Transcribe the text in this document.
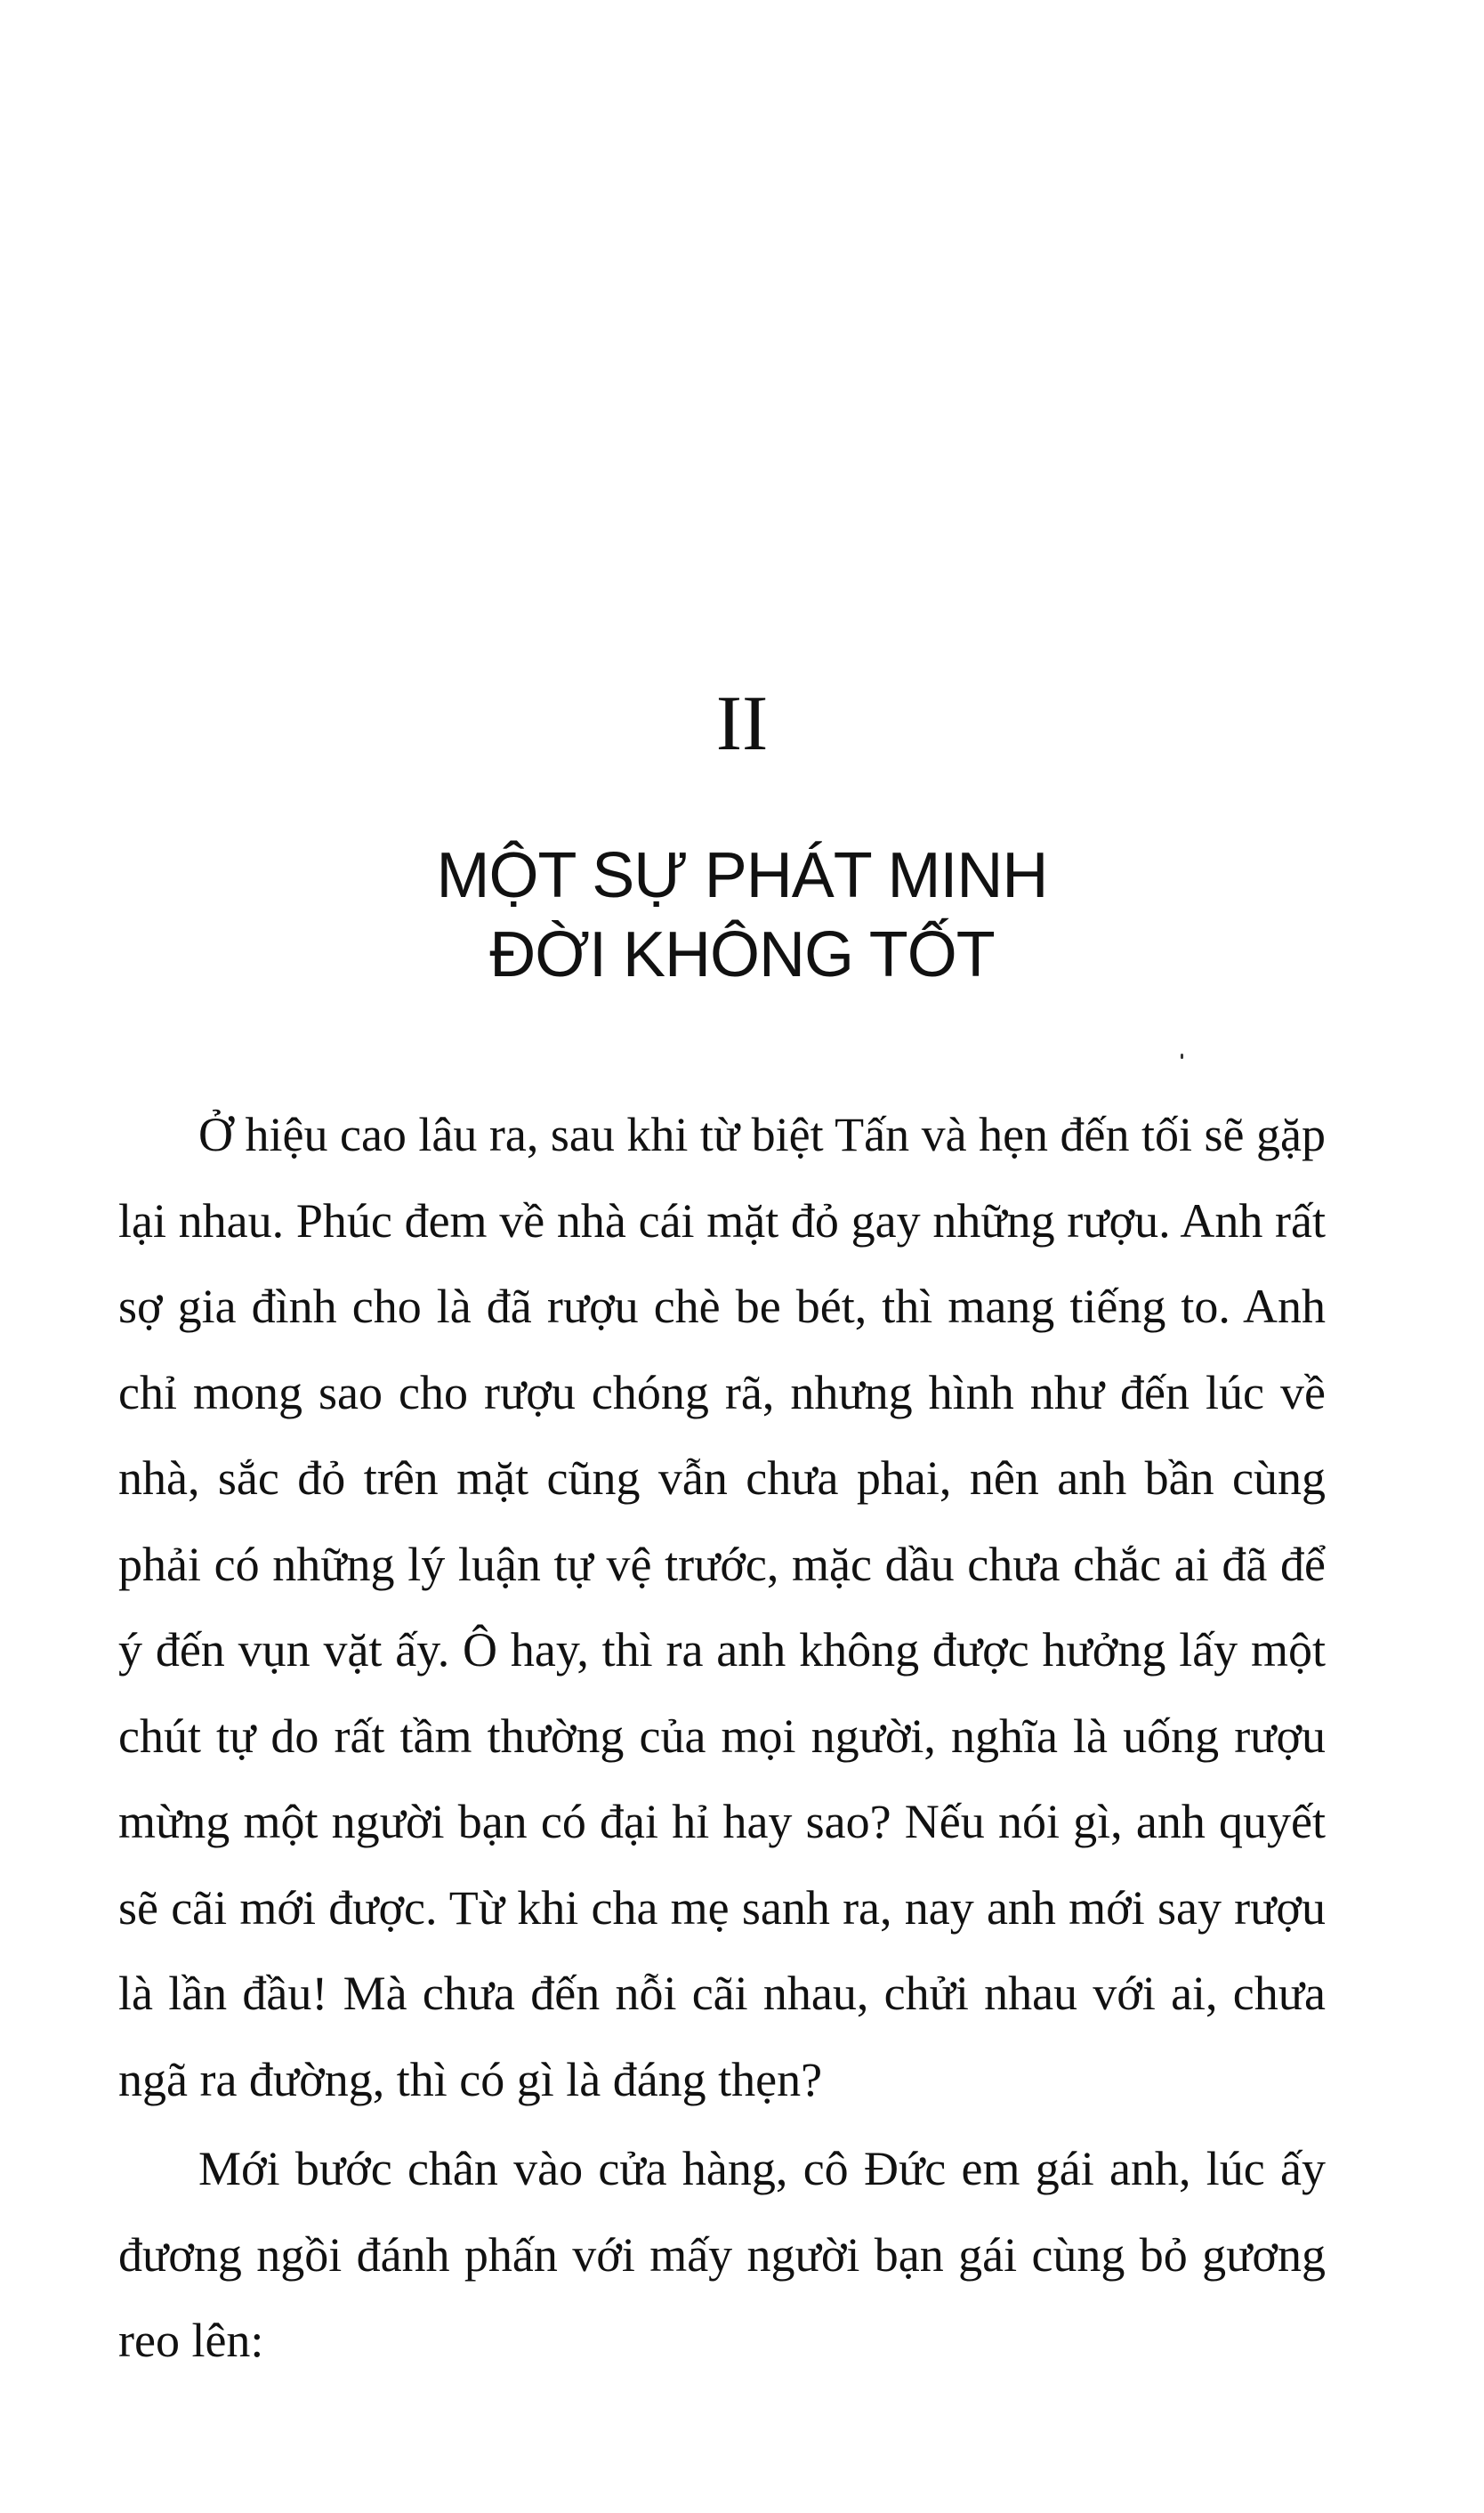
II
MỘT SỰ PHÁT MINH
ĐỜI KHÔNG TỐT

Ở hiệu cao lâu ra, sau khi từ biệt Tấn và hẹn đến tối sẽ gặp lại nhau. Phúc đem về nhà cái mặt đỏ gay những rượu. Anh rất sợ gia đình cho là đã rượu chè be bét, thì mang tiếng to. Anh chỉ mong sao cho rượu chóng rã, nhưng hình như đến lúc về nhà, sắc đỏ trên mặt cũng vẫn chưa phai, nên anh bần cùng phải có những lý luận tự vệ trước, mặc dầu chưa chắc ai đã để ý đến vụn vặt ấy. Ô hay, thì ra anh không được hưởng lấy một chút tự do rất tầm thường của mọi người, nghĩa là uống rượu mừng một người bạn có đại hỉ hay sao? Nếu nói gì, anh quyết sẽ cãi mới được. Từ khi cha mẹ sanh ra, nay anh mới say rượu là lần đầu! Mà chưa đến nỗi cãi nhau, chửi nhau với ai, chưa ngã ra đường, thì có gì là đáng thẹn?

Mới bước chân vào cửa hàng, cô Đức em gái anh, lúc ấy đương ngồi đánh phấn với mấy người bạn gái cùng bỏ gương reo lên:
